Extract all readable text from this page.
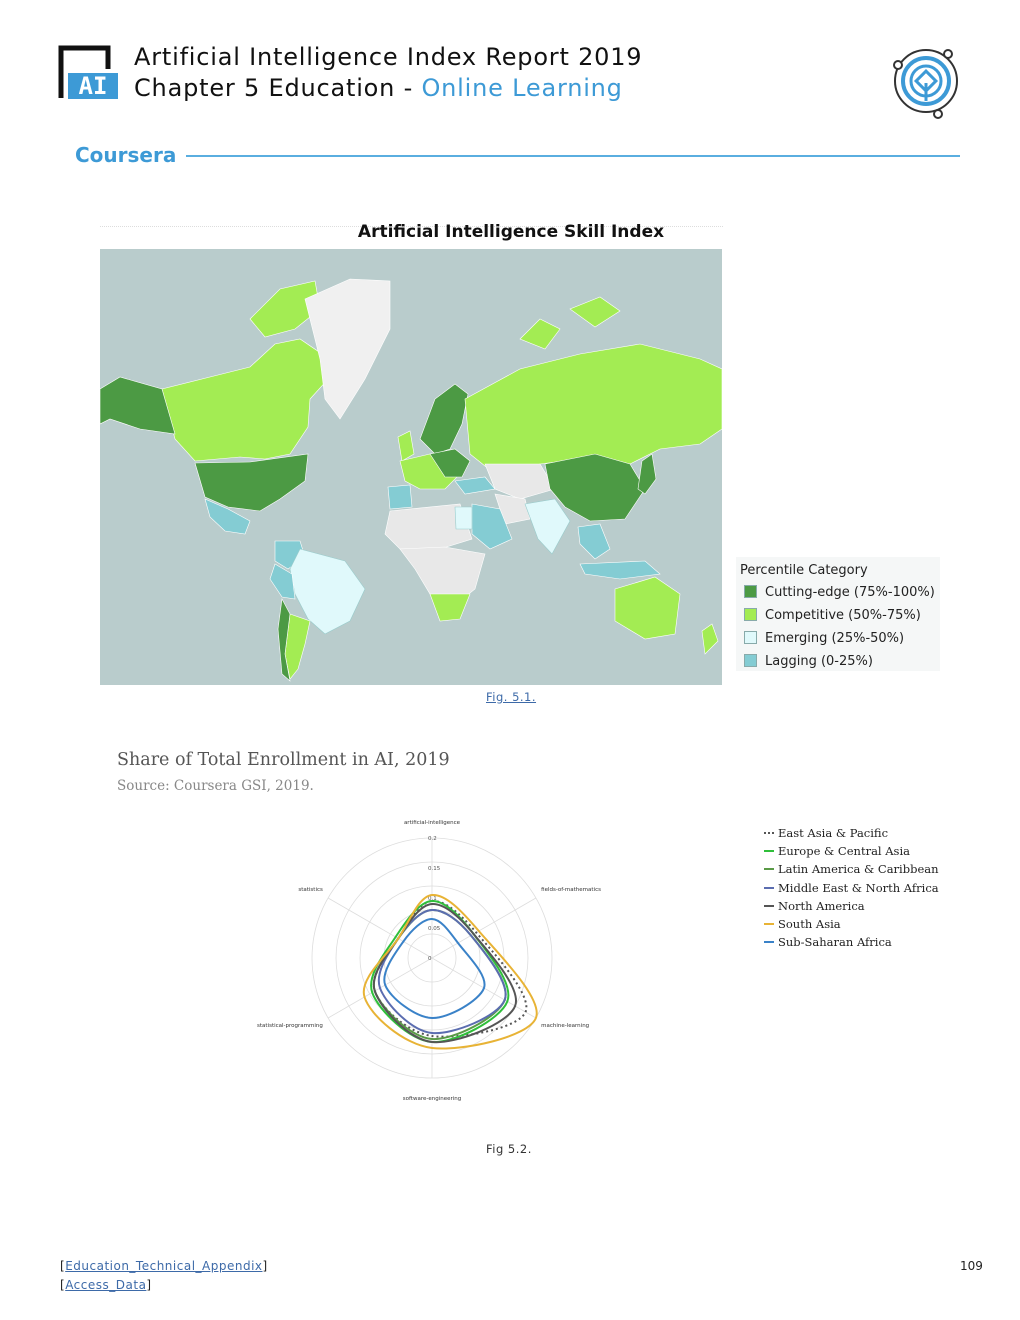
AI
Artificial Intelligence Index Report 2019
Chapter 5 Education - Online Learning
Coursera
Artificial Intelligence Skill Index
Percentile Category
Cutting-edge (75%-100%)
Competitive (50%-75%)
Emerging (25%-50%)
Lagging (0-25%)
Fig. 5.1.
Share of Total Enrollment in AI, 2019
Source: Coursera GSI, 2019.
artificial-intelligence
fields-of-mathematics
machine-learning
software-engineering
statistical-programming
statistics
0
0.05
0.1
0.15
0.2	East Asia & Pacific
Europe & Central Asia
Latin America & Caribbean
Middle East & North Africa
North America
South Asia
Sub-Saharan Africa
Fig 5.2.
[Education_Technical_Appendix]
[Access_Data]
109
